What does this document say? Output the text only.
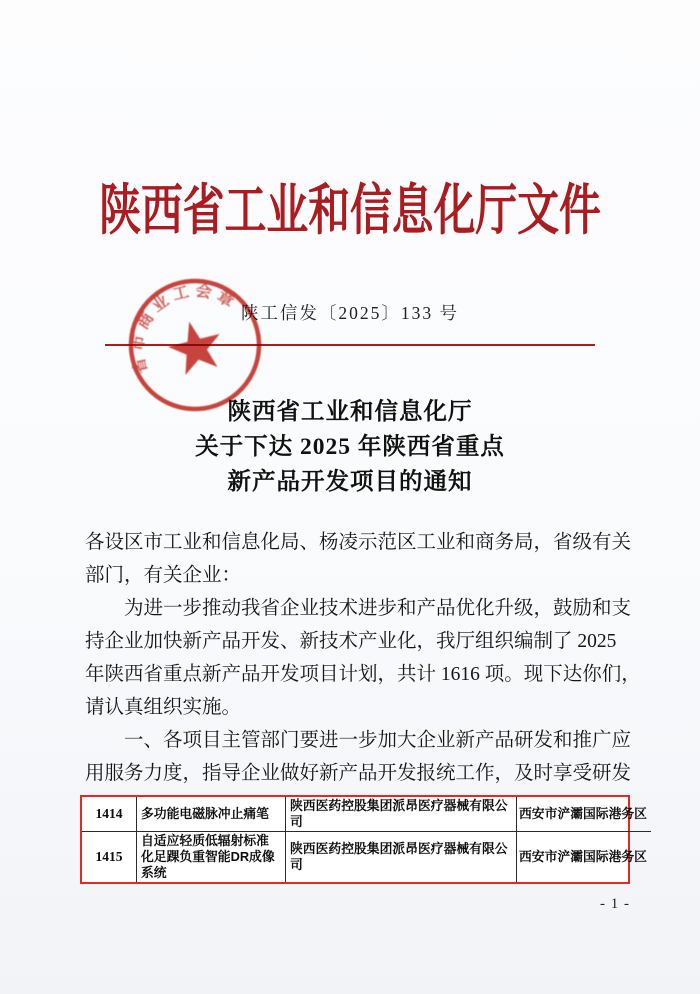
陕西省工业和信息化厅文件
陕工信发〔2025〕133 号
省市商业工会章
陕西省工业和信息化厅
关于下达 2025 年陕西省重点
新产品开发项目的通知
各设区市工业和信息化局、杨凌示范区工业和商务局，省级有关
部门，有关企业：
为进一步推动我省企业技术进步和产品优化升级，鼓励和支
持企业加快新产品开发、新技术产业化，我厅组织编制了 2025
年陕西省重点新产品开发项目计划，共计 1616 项。现下达你们，
请认真组织实施。
一、各项目主管部门要进一步加大企业新产品研发和推广应
用服务力度，指导企业做好新产品开发报统工作，及时享受研发
1414	多功能电磁脉冲止痛笔	陕西医药控股集团派昂医疗器械有限公司	西安市浐灞国际港务区
1415	自适应轻质低辐射标准化足踝负重智能DR成像系统	陕西医药控股集团派昂医疗器械有限公司	西安市浐灞国际港务区
- 1 -
